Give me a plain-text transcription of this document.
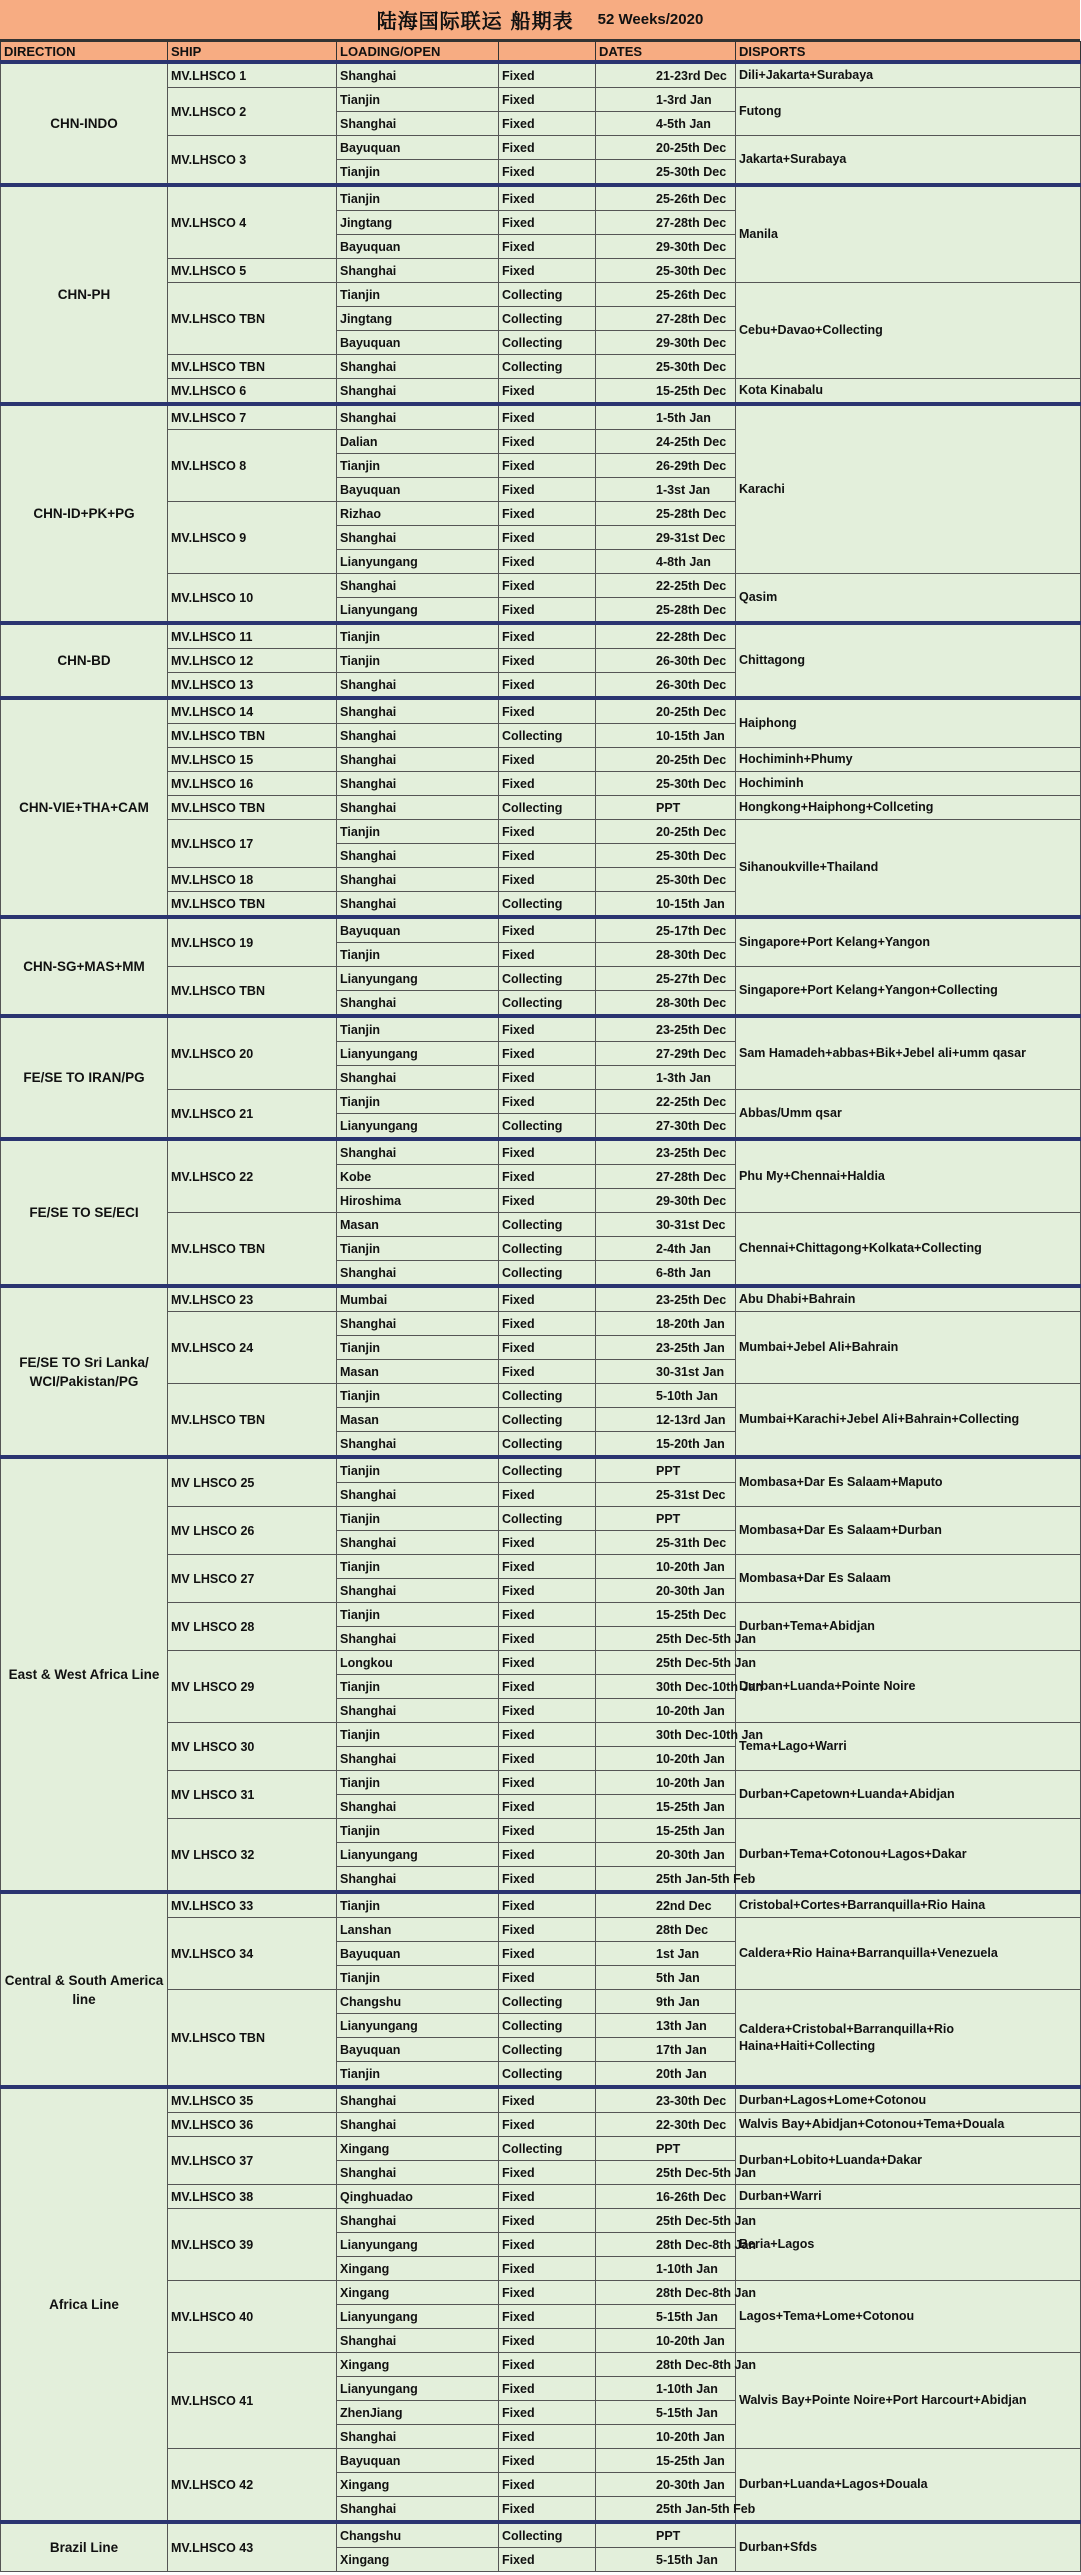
陆海国际联运 船期表 52 Weeks/2020
DIRECTION	SHIP	LOADING/OPEN		DATES	DISPORTS
CHN-INDO	MV.LHSCO 1	Shanghai	Fixed	21-23rd Dec	Dili+Jakarta+Surabaya
	MV.LHSCO 2	Tianjin	Fixed	1-3rd Jan	Futong
		Shanghai	Fixed	4-5th Jan	
	MV.LHSCO 3	Bayuquan	Fixed	20-25th Dec	Jakarta+Surabaya
		Tianjin	Fixed	25-30th Dec	
CHN-PH	MV.LHSCO 4	Tianjin	Fixed	25-26th Dec	Manila
		Jingtang	Fixed	27-28th Dec	
		Bayuquan	Fixed	29-30th Dec	
	MV.LHSCO 5	Shanghai	Fixed	25-30th Dec	
	MV.LHSCO TBN	Tianjin	Collecting	25-26th Dec	Cebu+Davao+Collecting
		Jingtang	Collecting	27-28th Dec	
		Bayuquan	Collecting	29-30th Dec	
	MV.LHSCO TBN	Shanghai	Collecting	25-30th Dec	
	MV.LHSCO 6	Shanghai	Fixed	15-25th Dec	Kota Kinabalu
CHN-ID+PK+PG	MV.LHSCO 7	Shanghai	Fixed	1-5th Jan	Karachi
	MV.LHSCO 8	Dalian	Fixed	24-25th Dec	
		Tianjin	Fixed	26-29th Dec	
		Bayuquan	Fixed	1-3st Jan	
	MV.LHSCO 9	Rizhao	Fixed	25-28th Dec	
		Shanghai	Fixed	29-31st Dec	
		Lianyungang	Fixed	4-8th Jan	
	MV.LHSCO 10	Shanghai	Fixed	22-25th Dec	Qasim
		Lianyungang	Fixed	25-28th Dec	
CHN-BD	MV.LHSCO 11	Tianjin	Fixed	22-28th Dec	Chittagong
	MV.LHSCO 12	Tianjin	Fixed	26-30th Dec	
	MV.LHSCO 13	Shanghai	Fixed	26-30th Dec	
CHN-VIE+THA+CAM	MV.LHSCO 14	Shanghai	Fixed	20-25th Dec	Haiphong
	MV.LHSCO TBN	Shanghai	Collecting	10-15th Jan	
	MV.LHSCO 15	Shanghai	Fixed	20-25th Dec	Hochiminh+Phumy
	MV.LHSCO 16	Shanghai	Fixed	25-30th Dec	Hochiminh
	MV.LHSCO TBN	Shanghai	Collecting	PPT	Hongkong+Haiphong+Collceting
	MV.LHSCO 17	Tianjin	Fixed	20-25th Dec	Sihanoukville+Thailand
		Shanghai	Fixed	25-30th Dec	
	MV.LHSCO 18	Shanghai	Fixed	25-30th Dec	
	MV.LHSCO TBN	Shanghai	Collecting	10-15th Jan	
CHN-SG+MAS+MM	MV.LHSCO 19	Bayuquan	Fixed	25-17th Dec	Singapore+Port Kelang+Yangon
		Tianjin	Fixed	28-30th Dec	
	MV.LHSCO TBN	Lianyungang	Collecting	25-27th Dec	Singapore+Port Kelang+Yangon+Collecting
		Shanghai	Collecting	28-30th Dec	
FE/SE TO IRAN/PG	MV.LHSCO 20	Tianjin	Fixed	23-25th Dec	Sam Hamadeh+abbas+Bik+Jebel ali+umm qasar
		Lianyungang	Fixed	27-29th Dec	
		Shanghai	Fixed	1-3th Jan	
	MV.LHSCO 21	Tianjin	Fixed	22-25th Dec	Abbas/Umm qsar
		Lianyungang	Collecting	27-30th Dec	
FE/SE TO SE/ECI	MV.LHSCO 22	Shanghai	Fixed	23-25th Dec	Phu My+Chennai+Haldia
		Kobe	Fixed	27-28th Dec	
		Hiroshima	Fixed	29-30th Dec	
	MV.LHSCO TBN	Masan	Collecting	30-31st Dec	Chennai+Chittagong+Kolkata+Collecting
		Tianjin	Collecting	2-4th Jan	
		Shanghai	Collecting	6-8th Jan	
FE/SE TO Sri Lanka/ WCI/Pakistan/PG	MV.LHSCO 23	Mumbai	Fixed	23-25th Dec	Abu Dhabi+Bahrain
	MV.LHSCO 24	Shanghai	Fixed	18-20th Jan	Mumbai+Jebel Ali+Bahrain
		Tianjin	Fixed	23-25th Jan	
		Masan	Fixed	30-31st Jan	
	MV.LHSCO TBN	Tianjin	Collecting	5-10th Jan	Mumbai+Karachi+Jebel Ali+Bahrain+Collecting
		Masan	Collecting	12-13rd Jan	
		Shanghai	Collecting	15-20th Jan	
East & West Africa Line	MV LHSCO 25	Tianjin	Collecting	PPT	Mombasa+Dar Es Salaam+Maputo
		Shanghai	Fixed	25-31st Dec	
	MV LHSCO 26	Tianjin	Collecting	PPT	Mombasa+Dar Es Salaam+Durban
		Shanghai	Fixed	25-31th Dec	
	MV LHSCO 27	Tianjin	Fixed	10-20th Jan	Mombasa+Dar Es Salaam
		Shanghai	Fixed	20-30th Jan	
	MV LHSCO 28	Tianjin	Fixed	15-25th Dec	Durban+Tema+Abidjan
		Shanghai	Fixed	25th Dec-5th Jan	
	MV LHSCO 29	Longkou	Fixed	25th Dec-5th Jan	Durban+Luanda+Pointe Noire
		Tianjin	Fixed	30th Dec-10th Jan	
		Shanghai	Fixed	10-20th Jan	
	MV LHSCO 30	Tianjin	Fixed	30th Dec-10th Jan	Tema+Lago+Warri
		Shanghai	Fixed	10-20th Jan	
	MV LHSCO 31	Tianjin	Fixed	10-20th Jan	Durban+Capetown+Luanda+Abidjan
		Shanghai	Fixed	15-25th Jan	
	MV LHSCO 32	Tianjin	Fixed	15-25th Jan	Durban+Tema+Cotonou+Lagos+Dakar
		Lianyungang	Fixed	20-30th Jan	
		Shanghai	Fixed	25th Jan-5th Feb	
Central & South America line	MV.LHSCO 33	Tianjin	Fixed	22nd Dec	Cristobal+Cortes+Barranquilla+Rio Haina
	MV.LHSCO 34	Lanshan	Fixed	28th Dec	Caldera+Rio Haina+Barranquilla+Venezuela
		Bayuquan	Fixed	1st Jan	
		Tianjin	Fixed	5th Jan	
	MV.LHSCO TBN	Changshu	Collecting	9th Jan	Caldera+Cristobal+Barranquilla+Rio Haina+Haiti+Collecting
		Lianyungang	Collecting	13th Jan	
		Bayuquan	Collecting	17th Jan	
		Tianjin	Collecting	20th Jan	
Africa Line	MV.LHSCO 35	Shanghai	Fixed	23-30th Dec	Durban+Lagos+Lome+Cotonou
	MV.LHSCO 36	Shanghai	Fixed	22-30th Dec	Walvis Bay+Abidjan+Cotonou+Tema+Douala
	MV.LHSCO 37	Xingang	Collecting	PPT	Durban+Lobito+Luanda+Dakar
		Shanghai	Fixed	25th Dec-5th Jan	
	MV.LHSCO 38	Qinghuadao	Fixed	16-26th Dec	Durban+Warri
	MV.LHSCO 39	Shanghai	Fixed	25th Dec-5th Jan	Beria+Lagos
		Lianyungang	Fixed	28th Dec-8th Jan	
		Xingang	Fixed	1-10th Jan	
	MV.LHSCO 40	Xingang	Fixed	28th Dec-8th Jan	Lagos+Tema+Lome+Cotonou
		Lianyungang	Fixed	5-15th Jan	
		Shanghai	Fixed	10-20th Jan	
	MV.LHSCO 41	Xingang	Fixed	28th Dec-8th Jan	Walvis Bay+Pointe Noire+Port Harcourt+Abidjan
		Lianyungang	Fixed	1-10th Jan	
		ZhenJiang	Fixed	5-15th Jan	
		Shanghai	Fixed	10-20th Jan	
	MV.LHSCO 42	Bayuquan	Fixed	15-25th Jan	Durban+Luanda+Lagos+Douala
		Xingang	Fixed	20-30th Jan	
		Shanghai	Fixed	25th Jan-5th Feb	
Brazil Line	MV.LHSCO 43	Changshu	Collecting	PPT	Durban+Sfds
		Xingang	Fixed	5-15th Jan	
